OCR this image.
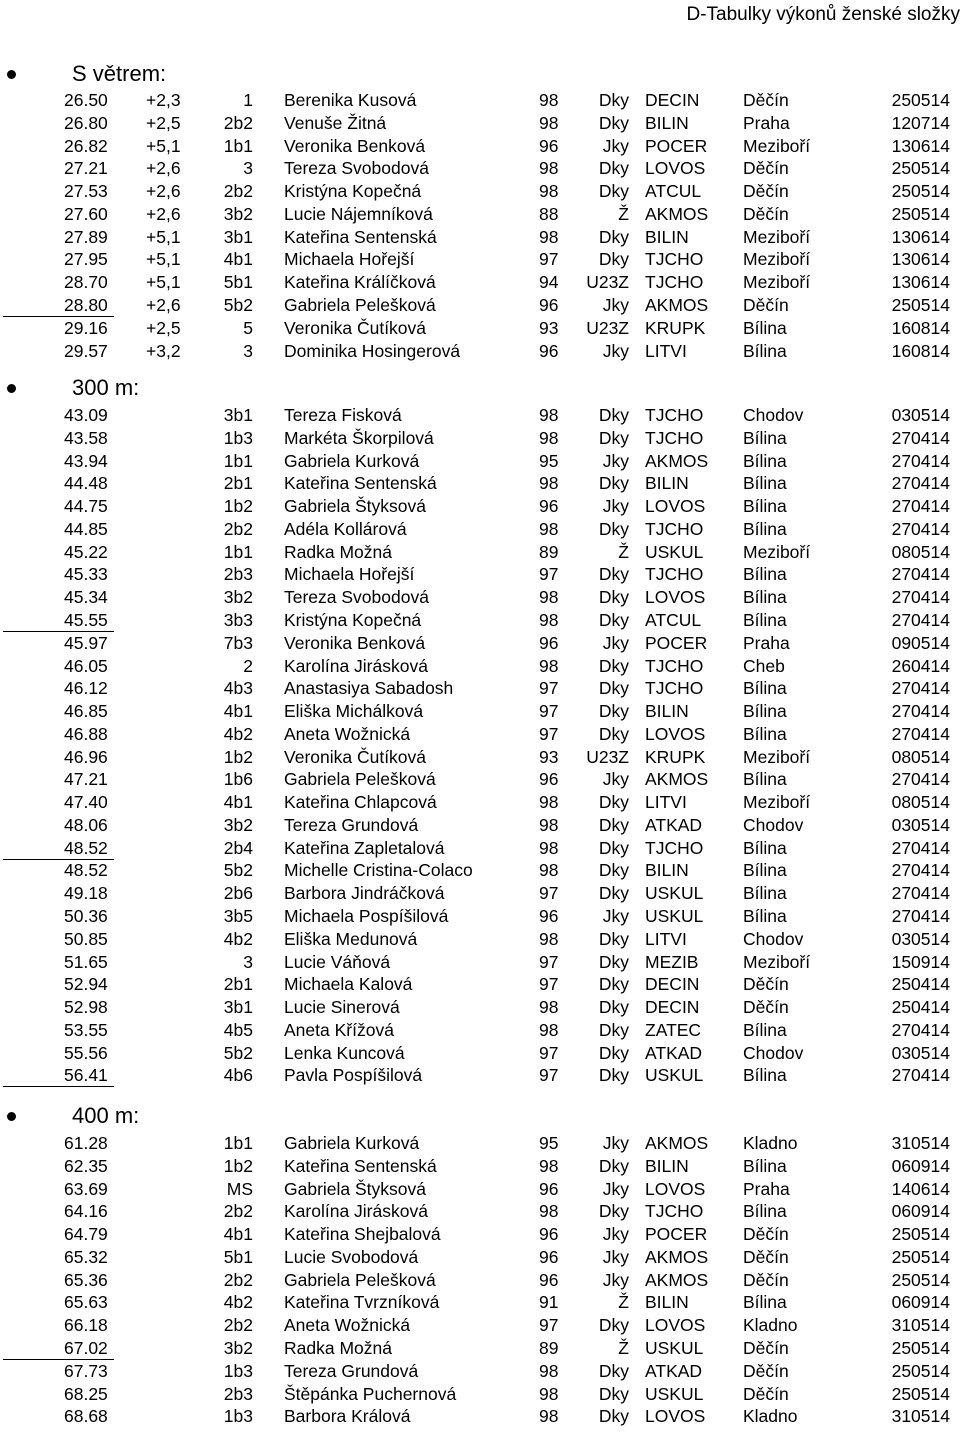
D-Tabulky výkonů ženské složky
S větrem:
26.50 +2,3	1 Berenika Kusová	98 Dky DECIN Děčín	250514
26.80 +2,5 2b2 Venuše Žitná	98 Dky BILIN	Praha	120714
26.82 +5,1 1b1 Veronika Benková	96	Jky POCER Meziboří	130614
27.21 +2,6	3 Tereza Svobodová	98 Dky LOVOS Děčín	250514
27.53 +2,6 2b2 Kristýna Kopečná	98 Dky ATCUL Děčín	250514
27.60 +2,6 3b2 Lucie Nájemníková	88	Ž AKMOS Děčín	250514
27.89 +5,1 3b1 Kateřina Sentenská	98 Dky BILIN	Meziboří	130614
27.95 +5,1 4b1 Michaela Hořejší	97 Dky TJCHO Meziboří	130614
28.70 +5,1 5b1 Kateřina Králíčková	94 U23Z TJCHO Meziboří	130614
28.80 +2,6 5b2 Gabriela Pelešková	96	Jky AKMOS Děčín	250514
29.16 +2,5	5 Veronika Čutíková	93 U23Z KRUPK Bílina	160814
29.57 +3,2	3 Dominika Hosingerová	96	Jky LITVI	Bílina	160814
300 m:
43.09	3b1 Tereza Fisková	98 Dky TJCHO Chodov	030514
43.58	1b3 Markéta Škorpilová	98 Dky TJCHO Bílina	270414
43.94	1b1 Gabriela Kurková	95	Jky AKMOS Bílina	270414
44.48	2b1 Kateřina Sentenská	98 Dky BILIN	Bílina	270414
44.75	1b2 Gabriela Štyksová	96	Jky LOVOS Bílina	270414
44.85	2b2 Adéla Kollárová	98 Dky TJCHO Bílina	270414
45.22	1b1 Radka Možná	89	Ž USKUL Meziboří	080514
45.33	2b3 Michaela Hořejší	97 Dky TJCHO Bílina	270414
45.34	3b2 Tereza Svobodová	98 Dky LOVOS Bílina	270414
45.55	3b3 Kristýna Kopečná	98 Dky ATCUL Bílina	270414
45.97	7b3 Veronika Benková	96	Jky POCER Praha	090514
46.05	2 Karolína Jirásková	98 Dky TJCHO Cheb	260414
46.12	4b3 Anastasiya Sabadosh	97 Dky TJCHO Bílina	270414
46.85	4b1 Eliška Michálková	97 Dky BILIN	Bílina	270414
46.88	4b2 Aneta Wožnická	97 Dky LOVOS Bílina	270414
46.96	1b2 Veronika Čutíková	93 U23Z KRUPK Meziboří	080514
47.21	1b6 Gabriela Pelešková	96	Jky AKMOS Bílina	270414
47.40	4b1 Kateřina Chlapcová	98 Dky LITVI	Meziboří	080514
48.06	3b2 Tereza Grundová	98 Dky ATKAD Chodov	030514
48.52	2b4 Kateřina Zapletalová	98 Dky TJCHO Bílina	270414
48.52	5b2 Michelle Cristina-Colaco	98 Dky BILIN	Bílina	270414
49.18	2b6 Barbora Jindráčková	97 Dky USKUL Bílina	270414
50.36	3b5 Michaela Pospíšilová	96	Jky USKUL Bílina	270414
50.85	4b2 Eliška Medunová	98 Dky LITVI	Chodov	030514
51.65	3 Lucie Váňová	97 Dky MEZIB	Meziboří	150914
52.94	2b1 Michaela Kalová	97 Dky DECIN Děčín	250414
52.98	3b1 Lucie Sinerová	98 Dky DECIN Děčín	250414
53.55	4b5 Aneta Křížová	98 Dky ZATEC Bílina	270414
55.56	5b2 Lenka Kuncová	97 Dky ATKAD Chodov	030514
56.41	4b6 Pavla Pospíšilová	97 Dky USKUL Bílina	270414
400 m:
61.28	1b1 Gabriela Kurková	95	Jky AKMOS Kladno	310514
62.35	1b2 Kateřina Sentenská	98 Dky BILIN	Bílina	060914
63.69	MS Gabriela Štyksová	96	Jky LOVOS Praha	140614
64.16	2b2 Karolína Jirásková	98 Dky TJCHO Bílina	060914
64.79	4b1 Kateřina Shejbalová	96	Jky POCER Děčín	250514
65.32	5b1 Lucie Svobodová	96	Jky AKMOS Děčín	250514
65.36	2b2 Gabriela Pelešková	96	Jky AKMOS Děčín	250514
65.63	4b2 Kateřina Tvrzníková	91	Ž BILIN	Bílina	060914
66.18	2b2 Aneta Wožnická	97 Dky LOVOS Kladno	310514
67.02	3b2 Radka Možná	89	Ž USKUL Děčín	250514
67.73	1b3 Tereza Grundová	98 Dky ATKAD Děčín	250514
68.25	2b3 Štěpánka Puchernová	98 Dky USKUL Děčín	250514
68.68	1b3 Barbora Králová	98 Dky LOVOS Kladno	310514
